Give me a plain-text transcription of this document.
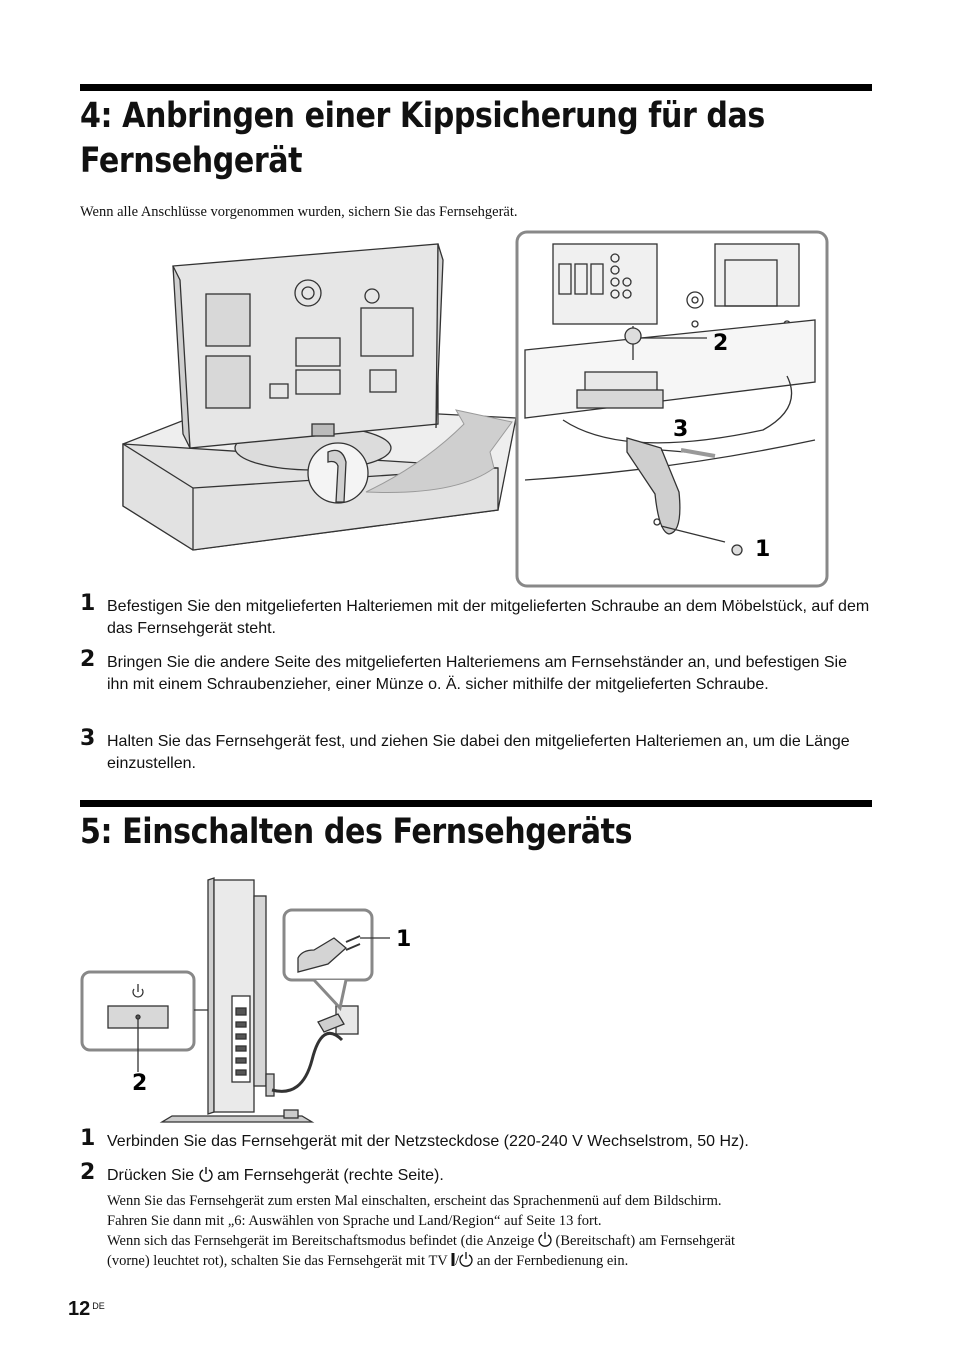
4: Anbringen einer Kippsicherung für das
Fernsehgerät
Wenn alle Anschlüsse vorgenommen wurden, sichern Sie das Fernsehgerät.
2
3
1
1 Befestigen Sie den mitgelieferten Halteriemen mit der mitgelieferten Schraube an dem Möbelstück, auf dem das Fernsehgerät steht.
2 Bringen Sie die andere Seite des mitgelieferten Halteriemens am Fernsehständer an, und befestigen Sie ihn mit einem Schraubenzieher, einer Münze o. Ä. sicher mithilfe der mitgelieferten Schraube.
3 Halten Sie das Fernsehgerät fest, und ziehen Sie dabei den mitgelieferten Halteriemen an, um die Länge einzustellen.
5: Einschalten des Fernsehgeräts
1
2
1 Verbinden Sie das Fernsehgerät mit der Netzsteckdose (220-240 V Wechselstrom, 50 Hz).
2 Drücken Sie am Fernsehgerät (rechte Seite).
Wenn Sie das Fernsehgerät zum ersten Mal einschalten, erscheint das Sprachenmenü auf dem Bildschirm.
Fahren Sie dann mit „6: Auswählen von Sprache und Land/Region“ auf Seite 13 fort.
Wenn sich das Fernsehgerät im Bereitschaftsmodus befindet (die Anzeige (Bereitschaft) am Fernsehgerät
(vorne) leuchtet rot), schalten Sie das Fernsehgerät mit TV / an der Fernbedienung ein.
12 $^{DE}$
